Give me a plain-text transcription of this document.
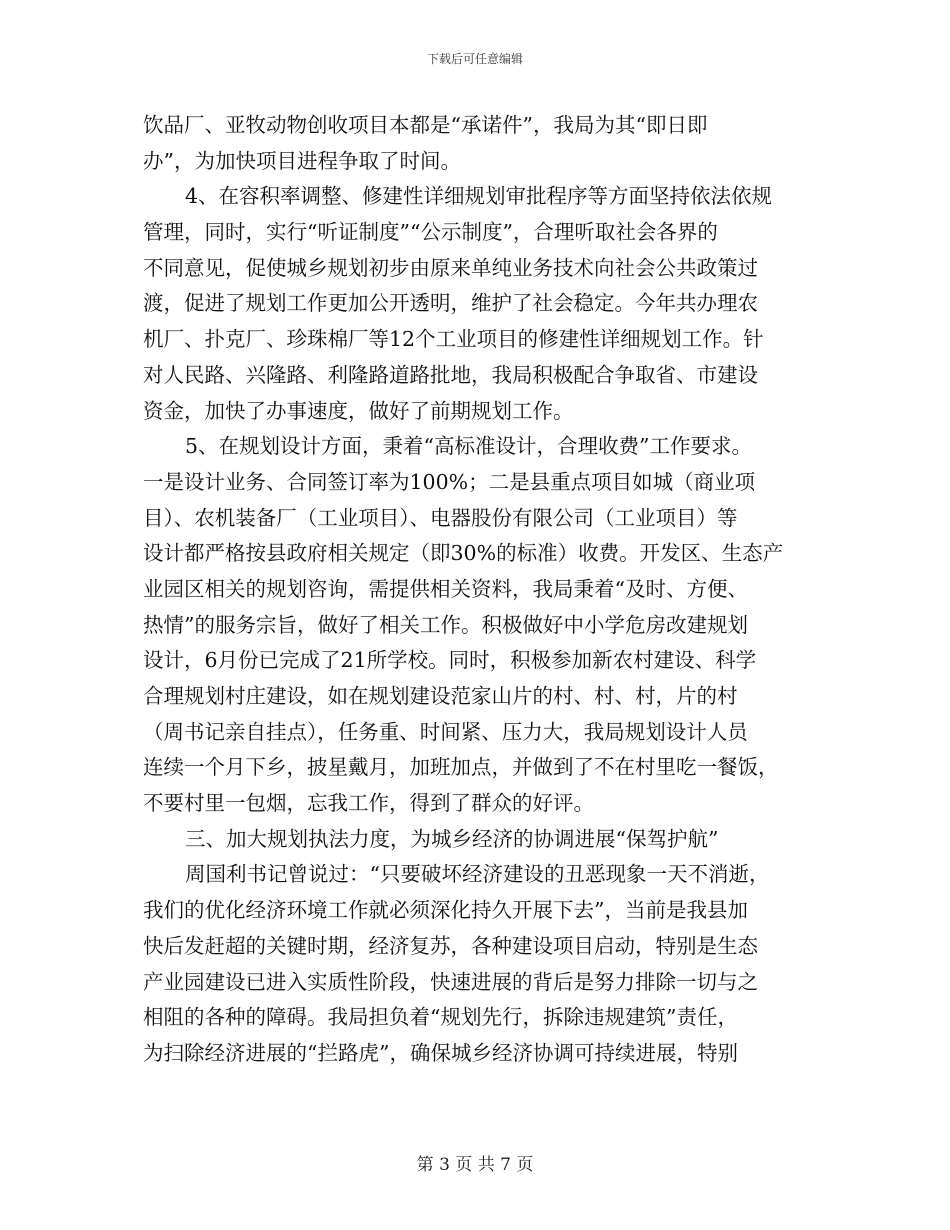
下载后可任意编辑
饮品厂、亚牧动物创收项目本都是“承诺件”，我局为其“即日即
办”，为加快项目进程争取了时间。
4、在容积率调整、修建性详细规划审批程序等方面坚持依法依规
管理，同时，实行“听证制度”“公示制度”，合理听取社会各界的
不同意见，促使城乡规划初步由原来单纯业务技术向社会公共政策过
渡，促进了规划工作更加公开透明，维护了社会稳定。今年共办理农
机厂、扑克厂、珍珠棉厂等12个工业项目的修建性详细规划工作。针
对人民路、兴隆路、利隆路道路批地，我局积极配合争取省、市建设
资金，加快了办事速度，做好了前期规划工作。
5、在规划设计方面，秉着“高标准设计，合理收费”工作要求。
一是设计业务、合同签订率为100%；二是县重点项目如城（商业项
目）、农机装备厂（工业项目）、电器股份有限公司（工业项目）等
设计都严格按县政府相关规定（即30%的标准）收费。开发区、生态产
业园区相关的规划咨询，需提供相关资料，我局秉着“及时、方便、
热情”的服务宗旨，做好了相关工作。积极做好中小学危房改建规划
设计，6月份已完成了21所学校。同时，积极参加新农村建设、科学
合理规划村庄建设，如在规划建设范家山片的村、村、村，片的村
（周书记亲自挂点），任务重、时间紧、压力大，我局规划设计人员
连续一个月下乡，披星戴月，加班加点，并做到了不在村里吃一餐饭，
不要村里一包烟，忘我工作，得到了群众的好评。
三、加大规划执法力度，为城乡经济的协调进展“保驾护航”
周国利书记曾说过：“只要破坏经济建设的丑恶现象一天不消逝，
我们的优化经济环境工作就必须深化持久开展下去”，当前是我县加
快后发赶超的关键时期，经济复苏，各种建设项目启动，特别是生态
产业园建设已进入实质性阶段，快速进展的背后是努力排除一切与之
相阻的各种的障碍。我局担负着“规划先行，拆除违规建筑”责任，
为扫除经济进展的“拦路虎”，确保城乡经济协调可持续进展，特别
第 3 页 共 7 页
